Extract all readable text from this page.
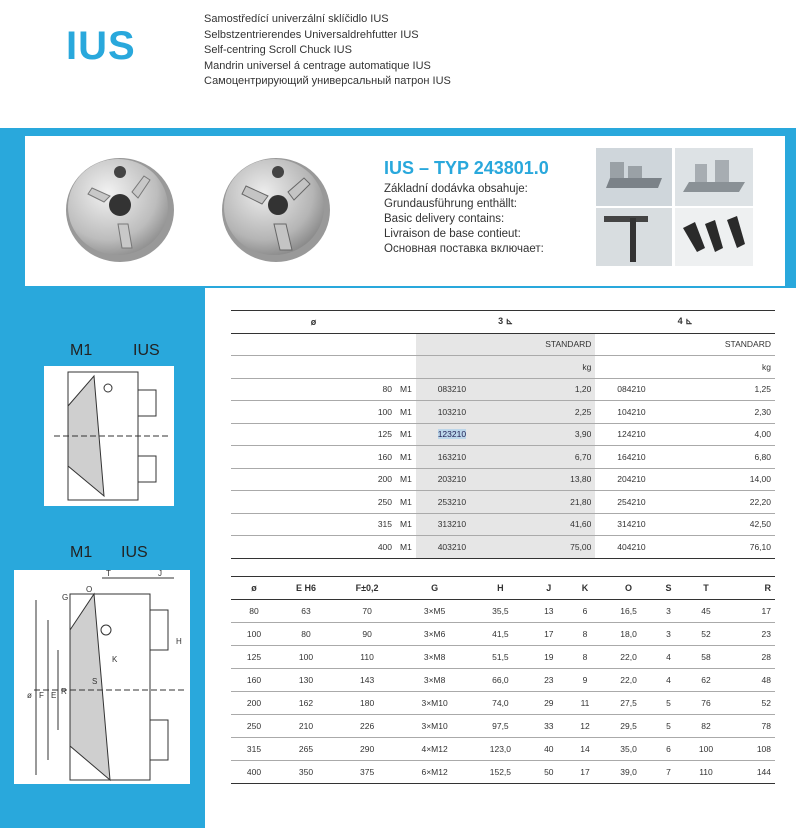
IUS
Samostředící univerzální sklíčidlo IUS
Selbstzentrierendes Universaldrehfutter IUS
Self-centring Scroll Chuck IUS
Mandrin universel á centrage automatique IUS
Самоцентрирующий универсальный патрон IUS
IUS – TYP 243801.0
Základní dodávka obsahuje:
Grundausführung enthällt:
Basic delivery contains:
Livraison de base contieut:
Основная поставка включает:
M1	IUS
M1 IUS
T	J
O
G
H
K
S
R
E
F
ø
ø		3 ⊾		4 ⊾	
			STANDARD		STANDARD
			kg		kg
80	M1	083210	1,20	084210	1,25
100	M1	103210	2,25	104210	2,30
125	M1	123210	3,90	124210	4,00
160	M1	163210	6,70	164210	6,80
200	M1	203210	13,80	204210	14,00
250	M1	253210	21,80	254210	22,20
315	M1	313210	41,60	314210	42,50
400	M1	403210	75,00	404210	76,10
ø	E H6	F±0,2	G	H	J	K	O	S	T	R
80	63	70	3×M5	35,5	13	6	16,5	3	45	17
100	80	90	3×M6	41,5	17	8	18,0	3	52	23
125	100	110	3×M8	51,5	19	8	22,0	4	58	28
160	130	143	3×M8	66,0	23	9	22,0	4	62	48
200	162	180	3×M10	74,0	29	11	27,5	5	76	52
250	210	226	3×M10	97,5	33	12	29,5	5	82	78
315	265	290	4×M12	123,0	40	14	35,0	6	100	108
400	350	375	6×M12	152,5	50	17	39,0	7	110	144
